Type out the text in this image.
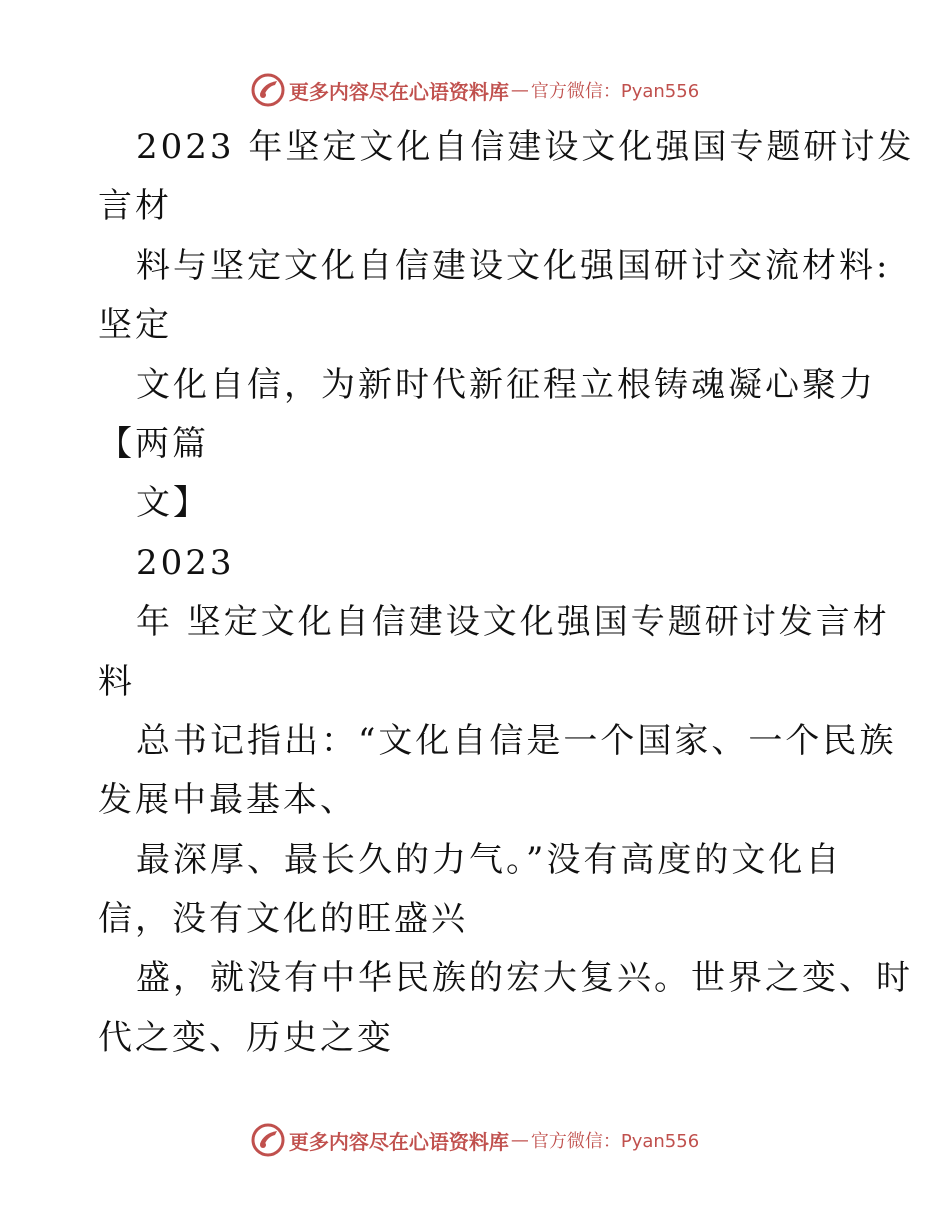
更多内容尽在心语资料库 — 官方微信：Pyan556
2023 年坚定文化自信建设文化强国专题研讨发
言材
料与坚定文化自信建设文化强国研讨交流材料:
坚定
文化自信，为新时代新征程立根铸魂凝心聚力
【两篇
文】
2023
年 坚定文化自信建设文化强国专题研讨发言材
料
总书记指出：“文化自信是一个国家、一个民族
发展中最基本、
最深厚、最长久的力气。”没有高度的文化自
信，没有文化的旺盛兴
盛，就没有中华民族的宏大复兴。世界之变、时
代之变、历史之变
更多内容尽在心语资料库 — 官方微信：Pyan556
